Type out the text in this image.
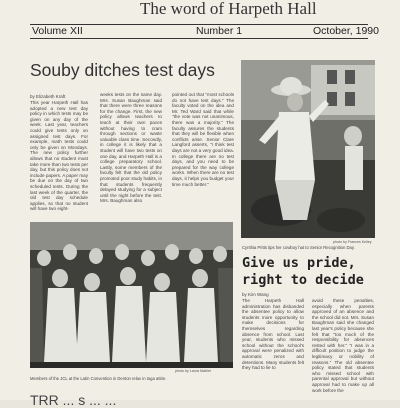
The word of Harpeth Hall
Volume XII	Number 1	October, 1990
Souby ditches test days
by Elizabeth Kraft
This year Harpeth Hall has adopted a new test day policy in which tests may be given on any day of the week. Last year, teachers could give tests only on assigned test days. For example, math tests could only be given on Mondays. The new policy further allows that no student must take more than two tests per day, but this policy does not include papers. A paper may be due on the day of two scheduled tests. During the last week of the quarter, the old test day schedule applies, so that no student will have two eight-
weeks tests on the same day. Mrs. Susan Baughman said that there were three reasons for the change. First, the new policy allows teachers to teach at their own paces without having to cram through sections or waste valuable class time. Secondly, in college it is likely that a student will have two tests on one day, and Harpeth Hall is a college preparatory school. Lastly, some members of the faculty felt that the old policy promoted poor study habits, in that students frequently delayed studying for a subject until the night before the test. Mrs. Baughman also
pointed out that "most schools do not have test days." The faculty voted on the idea and Mr. Ted Ward said that while "the vote was not unanimous, there was a majority." The faculty assures the students that they will be flexible when conflicts arise. Senior Clare Langford asserts, "I think test days are not a very good idea. In college there are no test days, and you need to be prepared for the way college works. When there are no test days, it helps you budget your time much better."
photo by Frances Kelley
Cynthia Pritts tips her cowboy hat to Senior Recognition Day.
photo by Laura Mather
Members of the JCL at the Latin Convention in Denton relax in toga attire.
Give us pride, right to decide
by Kim Wang
The Harpeth Hall administration has disbanded the absentee policy to allow students more opportunity to make decisions for themselves regarding absence from school. Last year, students who missed school without the school's approval were penalized with automatic zeros and detentions. Many students felt they had to lie to
avoid these penalties, especially when parents approved of an absence and the school did not. Mrs. Susan Baughman said she changed last year's policy because she felt that "too much of the responsibility for absences rested with her." "I was in a difficult position to judge the legitimacy or nobility of reasons." The old absentee policy stated that students who missed school with parental approval but without approval had to make up all work before the
TRR ... s ... ...
